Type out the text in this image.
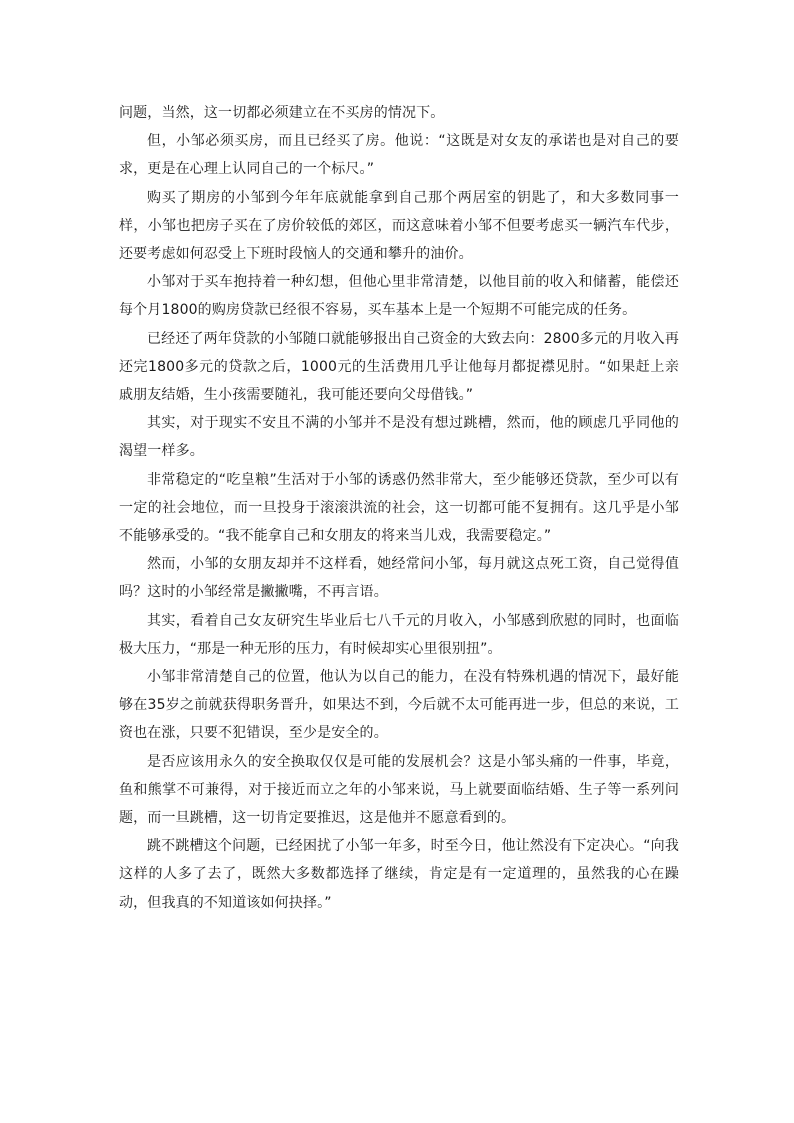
问题，当然，这一切都必须建立在不买房的情况下。

但，小邹必须买房，而且已经买了房。他说：“这既是对女友的承诺也是对自己的要求，更是在心理上认同自己的一个标尺。”

购买了期房的小邹到今年年底就能拿到自己那个两居室的钥匙了，和大多数同事一样，小邹也把房子买在了房价较低的郊区，而这意味着小邹不但要考虑买一辆汽车代步，还要考虑如何忍受上下班时段恼人的交通和攀升的油价。

小邹对于买车抱持着一种幻想，但他心里非常清楚，以他目前的收入和储蓄，能偿还每个月1800的购房贷款已经很不容易，买车基本上是一个短期不可能完成的任务。

已经还了两年贷款的小邹随口就能够报出自己资金的大致去向：2800多元的月收入再还完1800多元的贷款之后，1000元的生活费用几乎让他每月都捉襟见肘。“如果赶上亲戚朋友结婚，生小孩需要随礼，我可能还要向父母借钱。”

其实，对于现实不安且不满的小邹并不是没有想过跳槽，然而，他的顾虑几乎同他的渴望一样多。

非常稳定的“吃皇粮”生活对于小邹的诱惑仍然非常大，至少能够还贷款，至少可以有一定的社会地位，而一旦投身于滚滚洪流的社会，这一切都可能不复拥有。这几乎是小邹不能够承受的。“我不能拿自己和女朋友的将来当儿戏，我需要稳定。”

然而，小邹的女朋友却并不这样看，她经常问小邹，每月就这点死工资，自己觉得值吗？这时的小邹经常是撇撇嘴，不再言语。

其实，看着自己女友研究生毕业后七八千元的月收入，小邹感到欣慰的同时，也面临极大压力，“那是一种无形的压力，有时候却实心里很别扭”。

小邹非常清楚自己的位置，他认为以自己的能力，在没有特殊机遇的情况下，最好能够在35岁之前就获得职务晋升，如果达不到，今后就不太可能再进一步，但总的来说，工资也在涨，只要不犯错误，至少是安全的。

是否应该用永久的安全换取仅仅是可能的发展机会？这是小邹头痛的一件事，毕竟，鱼和熊掌不可兼得，对于接近而立之年的小邹来说，马上就要面临结婚、生子等一系列问题，而一旦跳槽，这一切肯定要推迟，这是他并不愿意看到的。

跳不跳槽这个问题，已经困扰了小邹一年多，时至今日，他让然没有下定决心。“向我这样的人多了去了，既然大多数都选择了继续，肯定是有一定道理的，虽然我的心在躁动，但我真的不知道该如何抉择。”
